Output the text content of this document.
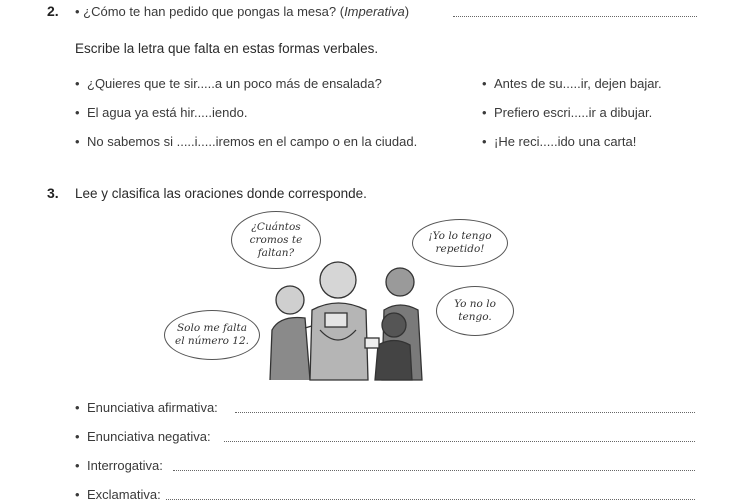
2. • ¿Cómo te han pedido que pongas la mesa? (Imperativa)
Escribe la letra que falta en estas formas verbales.
• ¿Quieres que te sir.....a un poco más de ensalada?
• El agua ya está hir.....iendo.
• No sabemos si .....i.....iremos en el campo o en la ciudad.
• Antes de su.....ir, dejen bajar.
• Prefiero escri.....ir a dibujar.
• ¡He reci.....ido una carta!
3. Lee y clasifica las oraciones donde corresponde.
¿Cuántos cromos te faltan?
¡Yo lo tengo repetido!
Yo no lo tengo.
Solo me falta el número 12.
• Enunciativa afirmativa:
• Enunciativa negativa:
• Interrogativa:
• Exclamativa:
